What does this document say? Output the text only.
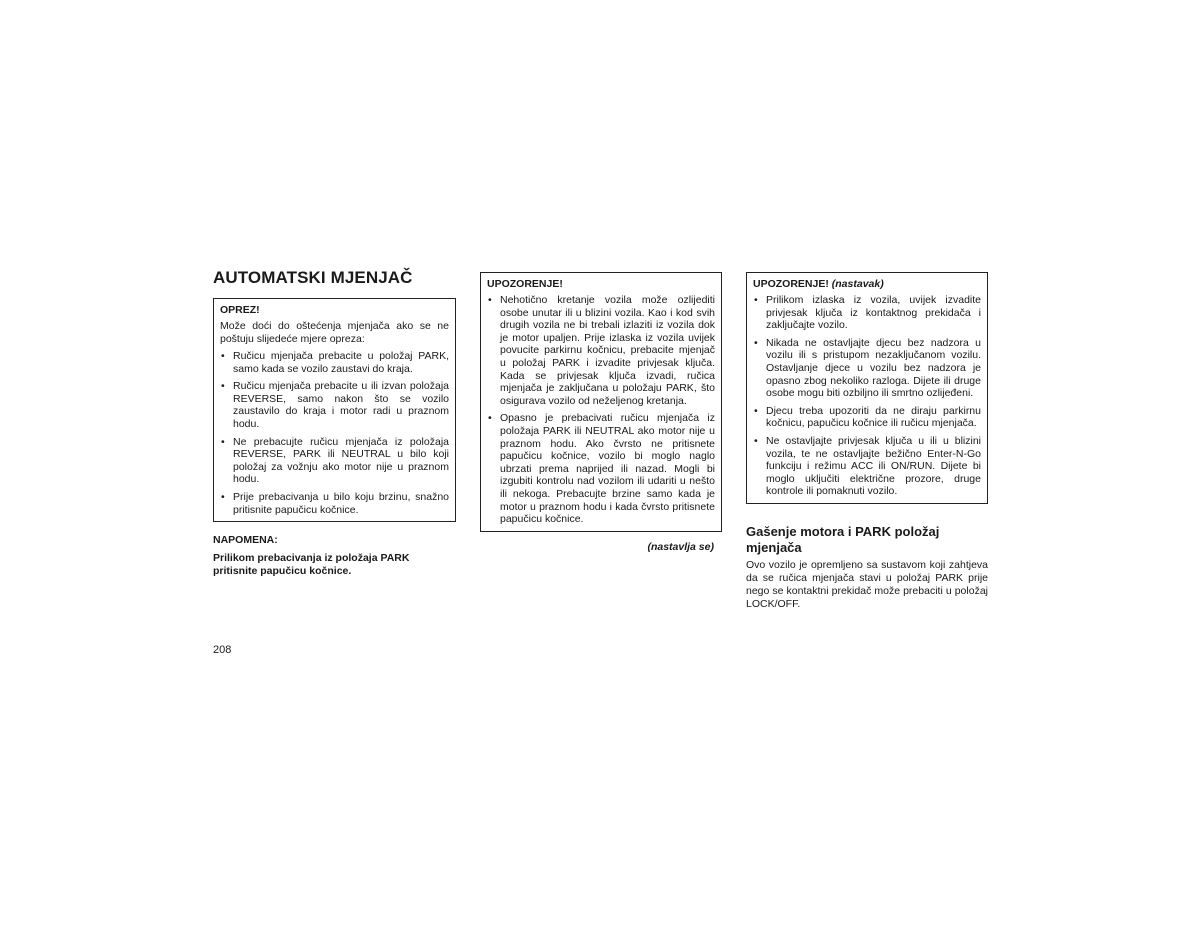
AUTOMATSKI MJENJAČ
OPREZ!

Može doći do oštećenja mjenjača ako se ne poštuju slijedeće mjere opreza:

• Ručicu mjenjača prebacite u položaj PARK, samo kada se vozilo zaustavi do kraja.
• Ručicu mjenjača prebacite u ili izvan položaja REVERSE, samo nakon što se vozilo zaustavilo do kraja i motor radi u praznom hodu.
• Ne prebacujte ručicu mjenjača iz položaja REVERSE, PARK ili NEUTRAL u bilo koji položaj za vožnju ako motor nije u praznom hodu.
• Prije prebacivanja u bilo koju brzinu, snažno pritisnite papučicu kočnice.
NAPOMENA:

Prilikom prebacivanja iz položaja PARK pritisnite papučicu kočnice.

UPOZORENJE!
• Nehotično kretanje vozila može ozlijediti osobe unutar ili u blizini vozila. Kao i kod svih drugih vozila ne bi trebali izlaziti iz vozila dok je motor upaljen. Prije izlaska iz vozila uvijek povucite parkirnu kočnicu, prebacite mjenjač u položaj PARK i izvadite privjesak ključa. Kada se privjesak ključa izvadi, ručica mjenjača je zaključana u položaju PARK, što osigurava vozilo od neželjenog kretanja.
• Opasno je prebacivati ručicu mjenjača iz položaja PARK ili NEUTRAL ako motor nije u praznom hodu. Ako čvrsto ne pritisnete papučicu kočnice, vozilo bi moglo naglo ubrzati prema naprijed ili nazad. Mogli bi izgubiti kontrolu nad vozilom ili udariti u nešto ili nekoga. Prebacujte brzine samo kada je motor u praznom hodu i kada čvrsto pritisnete papučicu kočnice.
(nastavlja se)
UPOZORENJE! (nastavak)
• Prilikom izlaska iz vozila, uvijek izvadite privjesak ključa iz kontaktnog prekidača i zaključajte vozilo.
• Nikada ne ostavljajte djecu bez nadzora u vozilu ili s pristupom nezaključanom vozilu. Ostavljanje djece u vozilu bez nadzora je opasno zbog nekoliko razloga. Dijete ili druge osobe mogu biti ozbiljno ili smrtno ozlijeđeni.
• Djecu treba upozoriti da ne diraju parkirnu kočnicu, papučicu kočnice ili ručicu mjenjača.
• Ne ostavljajte privjesak ključa u ili u blizini vozila, te ne ostavljajte bežično Enter-N-Go funkciju i režimu ACC ili ON/RUN. Dijete bi moglo uključiti električne prozore, druge kontrole ili pomaknuti vozilo.
Gašenje motora i PARK položaj mjenjača

Ovo vozilo je opremljeno sa sustavom koji zahtjeva da se ručica mjenjača stavi u položaj PARK prije nego se kontaktni prekidač može prebaciti u položaj LOCK/OFF.

208
